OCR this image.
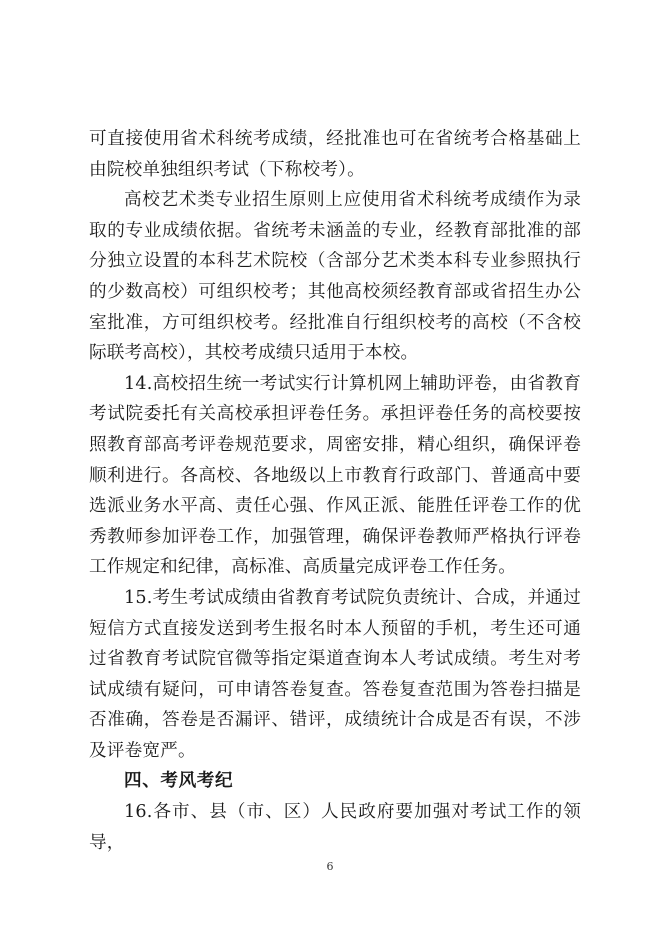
可直接使用省术科统考成绩，经批准也可在省统考合格基础上由院校单独组织考试（下称校考）。

高校艺术类专业招生原则上应使用省术科统考成绩作为录取的专业成绩依据。省统考未涵盖的专业，经教育部批准的部分独立设置的本科艺术院校（含部分艺术类本科专业参照执行的少数高校）可组织校考；其他高校须经教育部或省招生办公室批准，方可组织校考。经批准自行组织校考的高校（不含校际联考高校），其校考成绩只适用于本校。

14.高校招生统一考试实行计算机网上辅助评卷，由省教育考试院委托有关高校承担评卷任务。承担评卷任务的高校要按照教育部高考评卷规范要求，周密安排，精心组织，确保评卷顺利进行。各高校、各地级以上市教育行政部门、普通高中要选派业务水平高、责任心强、作风正派、能胜任评卷工作的优秀教师参加评卷工作，加强管理，确保评卷教师严格执行评卷工作规定和纪律，高标准、高质量完成评卷工作任务。

15.考生考试成绩由省教育考试院负责统计、合成，并通过短信方式直接发送到考生报名时本人预留的手机，考生还可通过省教育考试院官微等指定渠道查询本人考试成绩。考生对考试成绩有疑问，可申请答卷复查。答卷复查范围为答卷扫描是否准确，答卷是否漏评、错评，成绩统计合成是否有误，不涉及评卷宽严。

四、考风考纪

16.各市、县（市、区）人民政府要加强对考试工作的领导，

6
